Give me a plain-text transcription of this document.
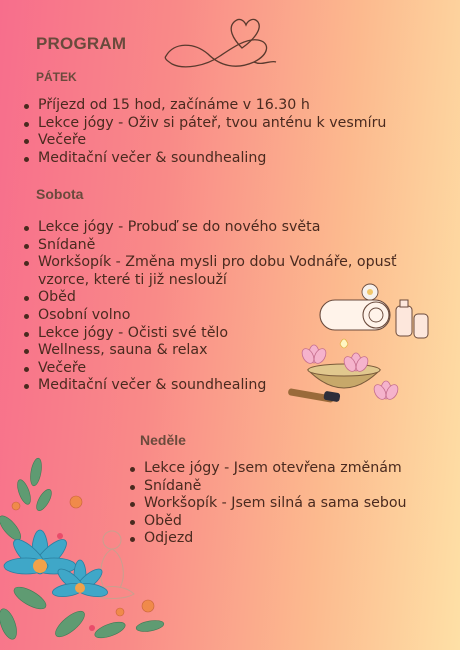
PROGRAM
PÁTEK
Příjezd od 15 hod, začínáme v 16.30 h
Lekce jógy - Oživ si páteř, tvou anténu k vesmíru
Večeře
Meditační večer & soundhealing
Sobota
Lekce jógy - Probuď se do nového světa
Snídaně
Workšopík - Změna mysli pro dobu Vodnáře, opusť vzorce, které ti již neslouží
Oběd
Osobní volno
Lekce jógy - Očisti své tělo
Wellness, sauna & relax
Večeře
Meditační večer & soundhealing
Neděle
Lekce jógy - Jsem otevřena změnám
Snídaně
Workšopík - Jsem silná a sama sebou
Oběd
Odjezd
